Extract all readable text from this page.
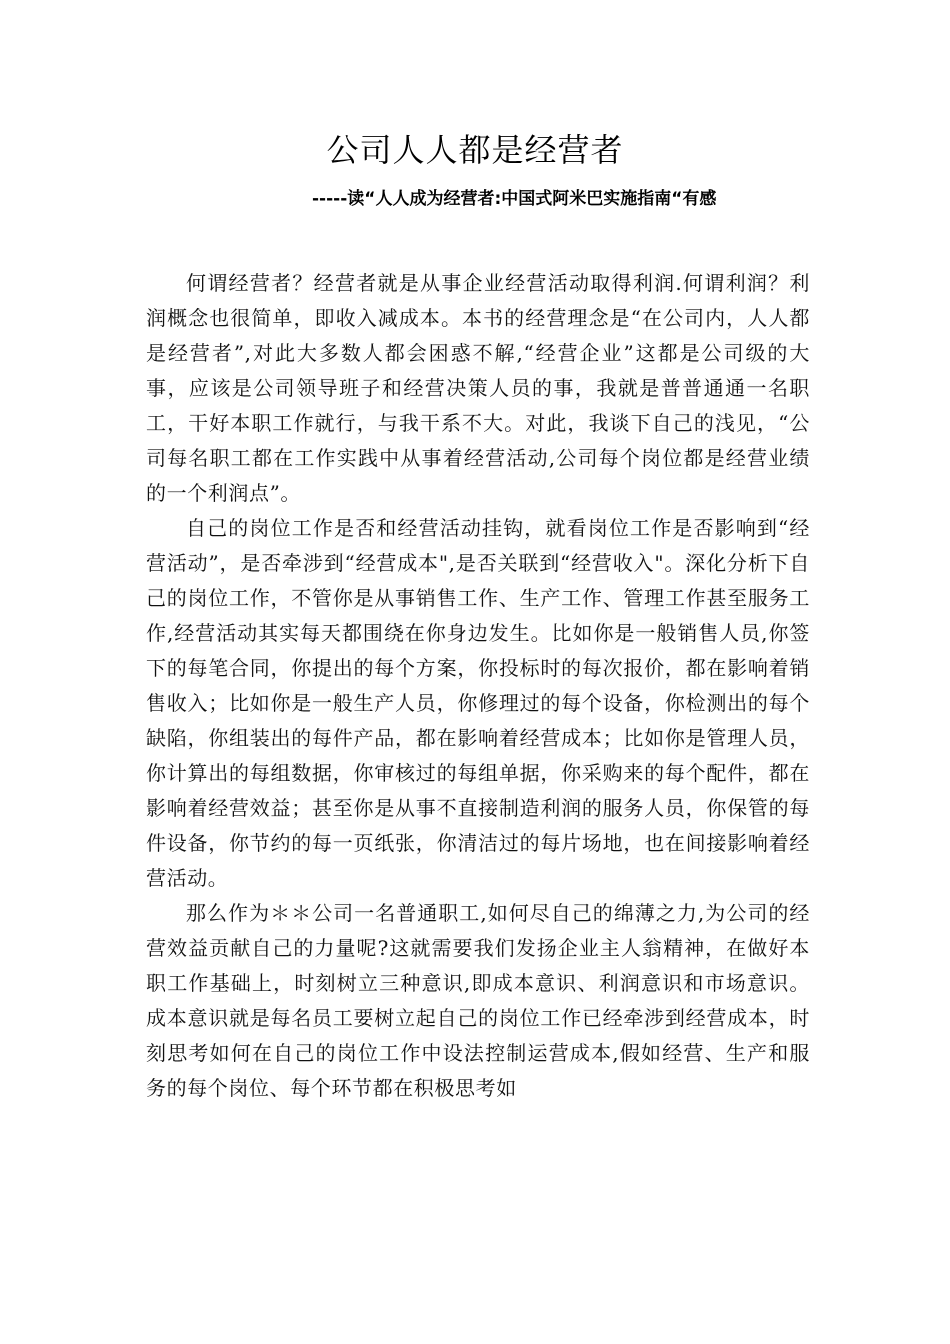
公司人人都是经营者
-----读“人人成为经营者:中国式阿米巴实施指南“有感

何谓经营者？经营者就是从事企业经营活动取得利润.何谓利润？利润概念也很简单，即收入减成本。本书的经营理念是“在公司内，人人都是经营者”,对此大多数人都会困惑不解,“经营企业”这都是公司级的大事，应该是公司领导班子和经营决策人员的事，我就是普普通通一名职工，干好本职工作就行，与我干系不大。对此，我谈下自己的浅见，“公司每名职工都在工作实践中从事着经营活动,公司每个岗位都是经营业绩的一个利润点”。

自己的岗位工作是否和经营活动挂钩，就看岗位工作是否影响到“经营活动”，是否牵涉到“经营成本",是否关联到“经营收入"。深化分析下自己的岗位工作，不管你是从事销售工作、生产工作、管理工作甚至服务工作,经营活动其实每天都围绕在你身边发生。比如你是一般销售人员,你签下的每笔合同，你提出的每个方案，你投标时的每次报价，都在影响着销售收入；比如你是一般生产人员，你修理过的每个设备，你检测出的每个缺陷，你组装出的每件产品，都在影响着经营成本；比如你是管理人员，你计算出的每组数据，你审核过的每组单据，你采购来的每个配件，都在影响着经营效益；甚至你是从事不直接制造利润的服务人员，你保管的每件设备，你节约的每一页纸张，你清洁过的每片场地，也在间接影响着经营活动。

那么作为＊＊公司一名普通职工,如何尽自己的绵薄之力,为公司的经营效益贡献自己的力量呢?这就需要我们发扬企业主人翁精神，在做好本职工作基础上，时刻树立三种意识,即成本意识、利润意识和市场意识。成本意识就是每名员工要树立起自己的岗位工作已经牵涉到经营成本，时刻思考如何在自己的岗位工作中设法控制运营成本,假如经营、生产和服务的每个岗位、每个环节都在积极思考如
